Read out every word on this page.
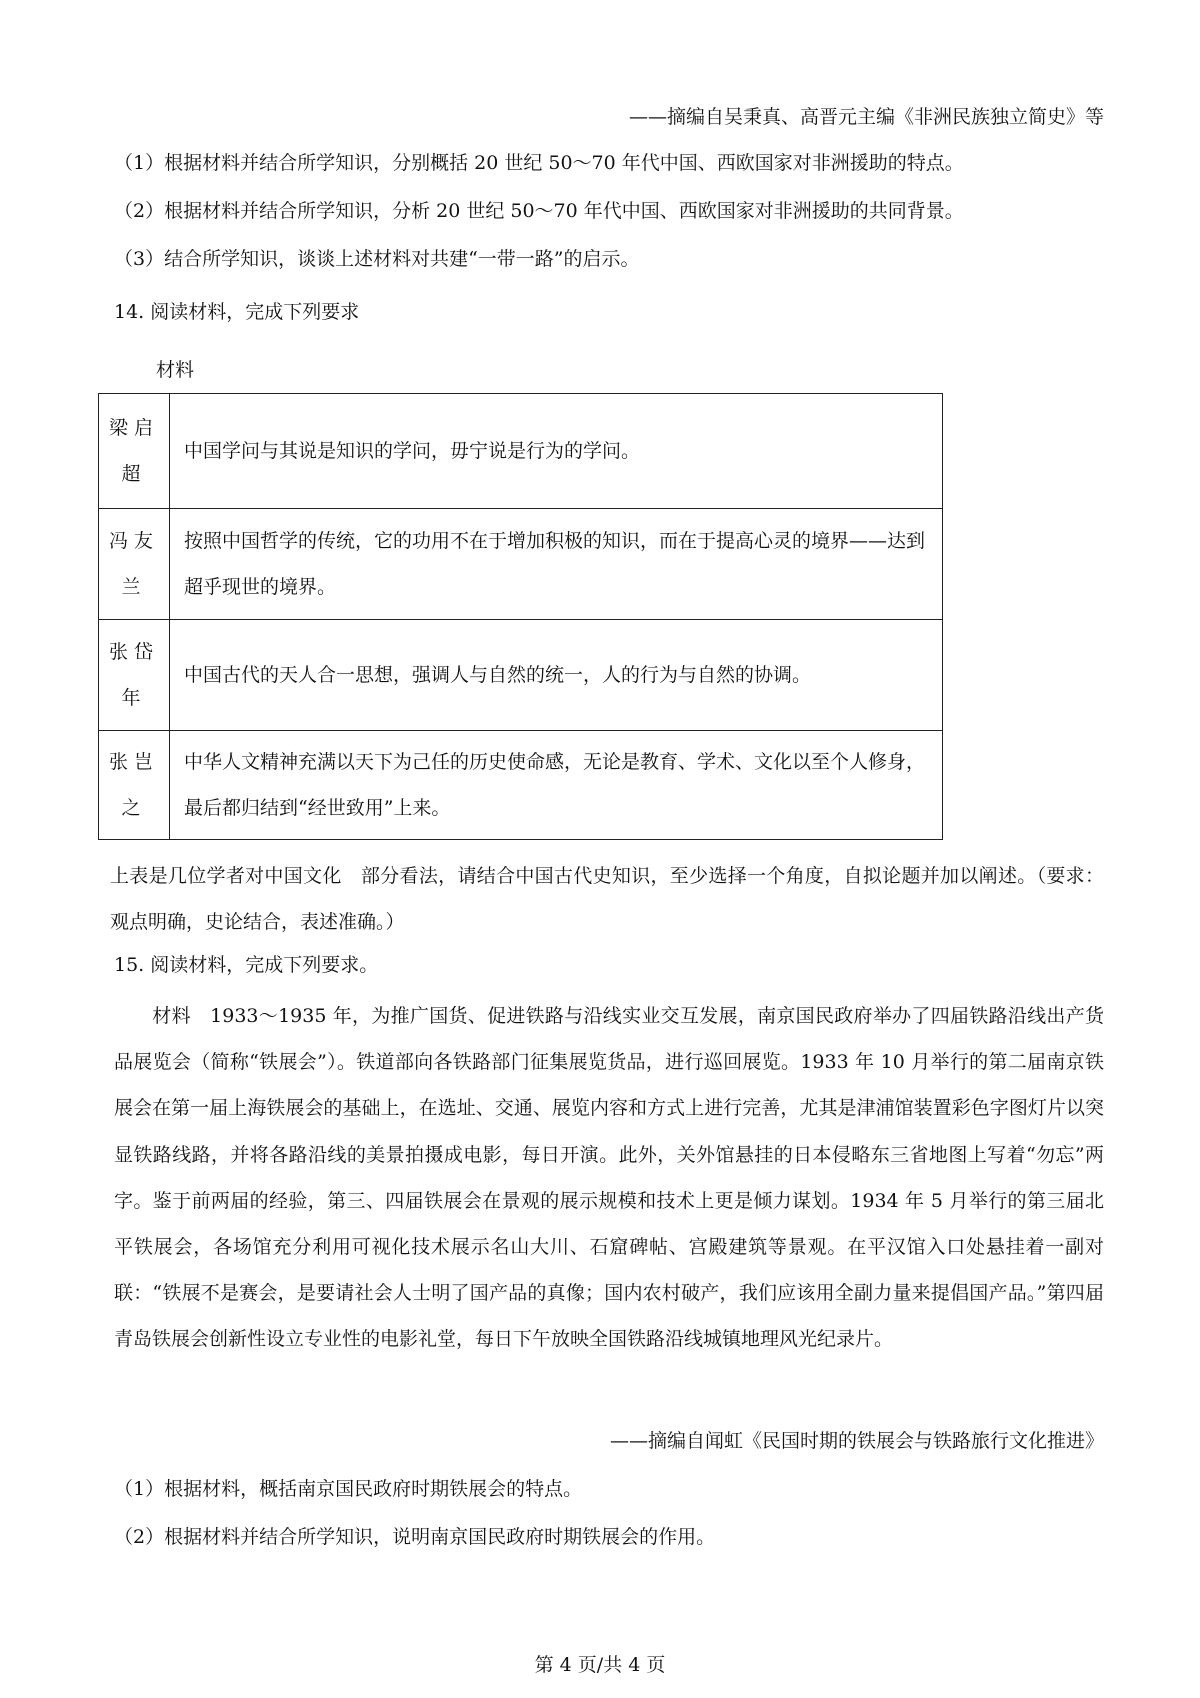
——摘编自吴秉真、高晋元主编《非洲民族独立简史》等
（1）根据材料并结合所学知识，分别概括 20 世纪 50～70 年代中国、西欧国家对非洲援助的特点。
（2）根据材料并结合所学知识，分析 20 世纪 50～70 年代中国、西欧国家对非洲援助的共同背景。
（3）结合所学知识，谈谈上述材料对共建“一带一路”的启示。
14. 阅读材料，完成下列要求
材料
梁启超	中国学问与其说是知识的学问，毋宁说是行为的学问。
冯友兰	按照中国哲学的传统，它的功用不在于增加积极的知识，而在于提高心灵的境界——达到超乎现世的境界。
张岱年	中国古代的天人合一思想，强调人与自然的统一，人的行为与自然的协调。
张岂之	中华人文精神充满以天下为己任的历史使命感，无论是教育、学术、文化以至个人修身，最后都归结到“经世致用”上来。
上表是几位学者对中国文化　部分看法，请结合中国古代史知识，至少选择一个角度，自拟论题并加以阐述。（要求：观点明确，史论结合，表述准确。）
15. 阅读材料，完成下列要求。
材料　1933～1935 年，为推广国货、促进铁路与沿线实业交互发展，南京国民政府举办了四届铁路沿线出产货品展览会（简称“铁展会”）。铁道部向各铁路部门征集展览货品，进行巡回展览。1933 年 10 月举行的第二届南京铁展会在第一届上海铁展会的基础上，在选址、交通、展览内容和方式上进行完善，尤其是津浦馆装置彩色字图灯片以突显铁路线路，并将各路沿线的美景拍摄成电影，每日开演。此外，关外馆悬挂的日本侵略东三省地图上写着“勿忘”两字。鉴于前两届的经验，第三、四届铁展会在景观的展示规模和技术上更是倾力谋划。1934 年 5 月举行的第三届北平铁展会，各场馆充分利用可视化技术展示名山大川、石窟碑帖、宫殿建筑等景观。在平汉馆入口处悬挂着一副对联：“铁展不是赛会，是要请社会人士明了国产品的真像；国内农村破产，我们应该用全副力量来提倡国产品。”第四届青岛铁展会创新性设立专业性的电影礼堂，每日下午放映全国铁路沿线城镇地理风光纪录片。
——摘编自闻虹《民国时期的铁展会与铁路旅行文化推进》
（1）根据材料，概括南京国民政府时期铁展会的特点。
（2）根据材料并结合所学知识，说明南京国民政府时期铁展会的作用。
第 4 页/共 4 页
